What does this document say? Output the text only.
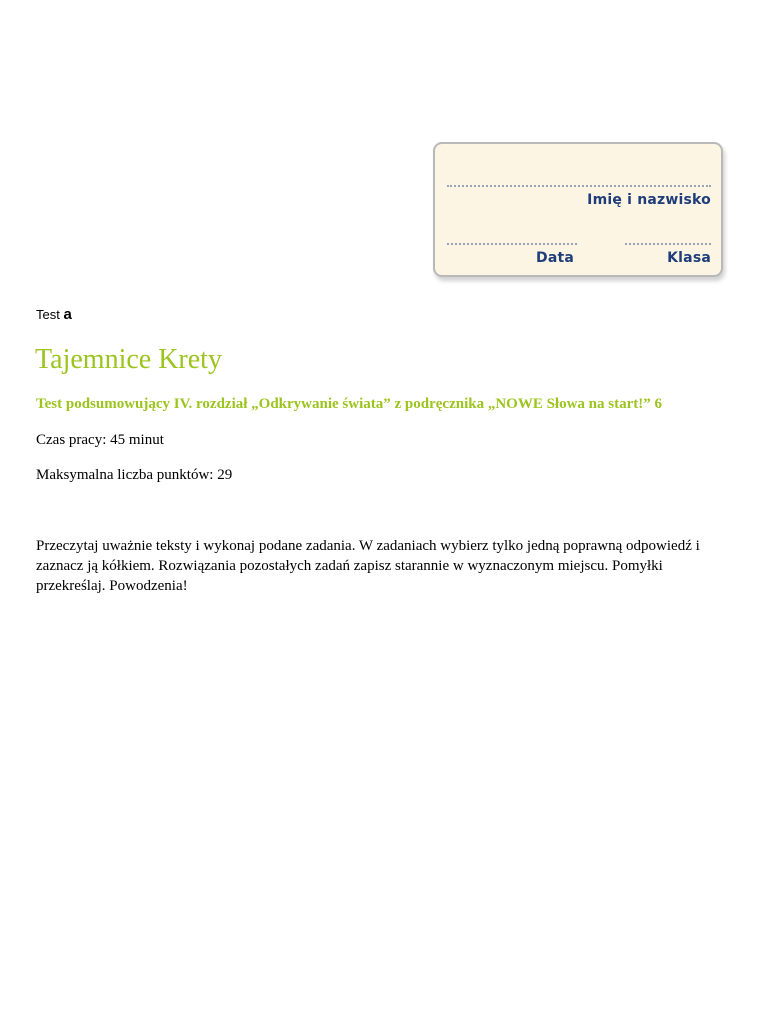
Imię i nazwisko
Data	Klasa
Test a
Tajemnice Krety

Test podsumowujący IV. rozdział „Odkrywanie świata” z podręcznika „NOWE Słowa na start!” 6

Czas pracy: 45 minut

Maksymalna liczba punktów: 29

Przeczytaj uważnie teksty i wykonaj podane zadania. W zadaniach wybierz tylko jedną poprawną odpowiedź i zaznacz ją kółkiem. Rozwiązania pozostałych zadań zapisz starannie w wyznaczonym miejscu. Pomyłki przekreślaj. Powodzenia!
